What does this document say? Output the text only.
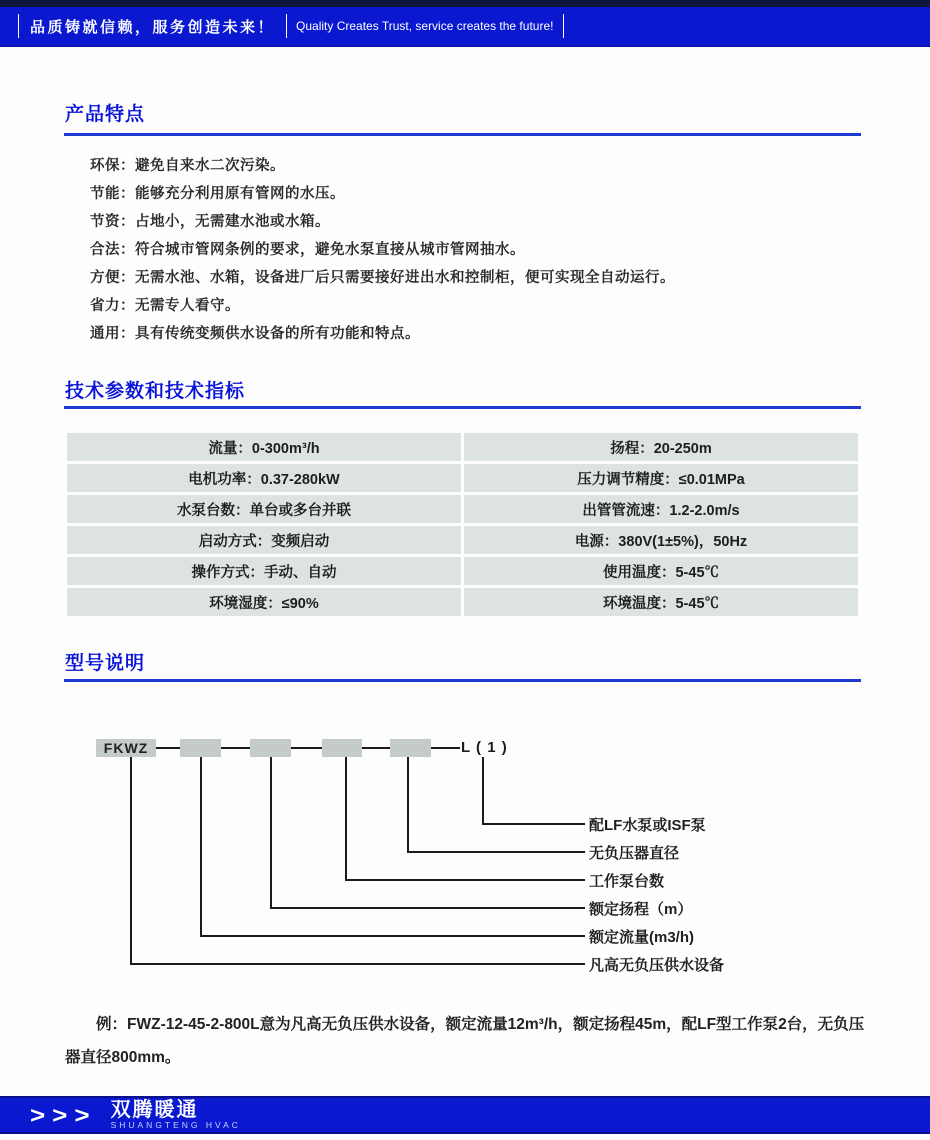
品质铸就信赖，服务创造未来！ Quality Creates Trust, service creates the future!
产品特点
环保：避免自来水二次污染。
节能：能够充分利用原有管网的水压。
节资：占地小，无需建水池或水箱。
合法：符合城市管网条例的要求，避免水泵直接从城市管网抽水。
方便：无需水池、水箱，设备进厂后只需要接好进出水和控制柜，便可实现全自动运行。
省力：无需专人看守。
通用：具有传统变频供水设备的所有功能和特点。
技术参数和技术指标
流量：0-300m³/h	扬程：20-250m
电机功率：0.37-280kW	压力调节精度：≤0.01MPa
水泵台数：单台或多台并联	出管管流速：1.2-2.0m/s
启动方式：变频启动	电源：380V(1±5%)，50Hz
操作方式：手动、自动	使用温度：5-45℃
环境湿度：≤90%	环境温度：5-45℃
型号说明
FKWZ	L ( 1 )
配LF水泵或ISF泵
无负压器直径
工作泵台数
额定扬程（m）
额定流量(m3/h)
凡高无负压供水设备
例：FWZ-12-45-2-800L意为凡高无负压供水设备，额定流量12m³/h，额定扬程45m，配LF型工作泵2台，无负压器直径800mm。
>>> 双腾暖通
SHUANGTENG HVAC
